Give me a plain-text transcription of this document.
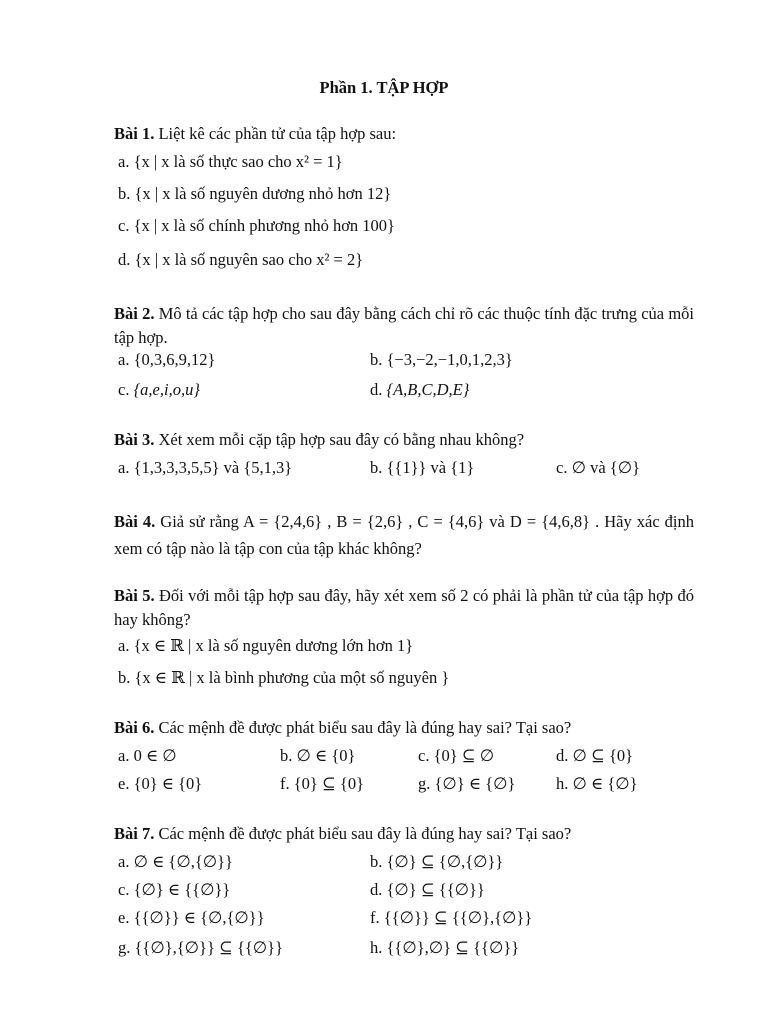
Phần 1. TẬP HỢP
Bài 1. Liệt kê các phần tử của tập hợp sau:
a. {x | x là số thực sao cho x² = 1}
b. {x | x là số nguyên dương nhỏ hơn 12}
c. {x | x là số chính phương nhỏ hơn 100}
d. {x | x là số nguyên sao cho x² = 2}
Bài 2. Mô tả các tập hợp cho sau đây bằng cách chỉ rõ các thuộc tính đặc trưng của mỗi tập hợp.
a. {0,3,6,9,12}	b. {−3,−2,−1,0,1,2,3}
c. {a,e,i,o,u}	d. {A,B,C,D,E}
Bài 3. Xét xem mỗi cặp tập hợp sau đây có bằng nhau không?
a. {1,3,3,3,5,5} và {5,1,3}	b. {{1}} và {1}	c. ∅ và {∅}
Bài 4. Giả sử rằng A = {2,4,6} , B = {2,6} , C = {4,6} và D = {4,6,8} . Hãy xác định xem có tập nào là tập con của tập khác không?
Bài 5. Đối với mỗi tập hợp sau đây, hãy xét xem số 2 có phải là phần tử của tập hợp đó hay không?
a. {x ∈ ℝ | x là số nguyên dương lớn hơn 1}
b. {x ∈ ℝ | x là bình phương của một số nguyên }
Bài 6. Các mệnh đề được phát biểu sau đây là đúng hay sai? Tại sao?
a. 0 ∈ ∅	b. ∅ ∈ {0}	c. {0} ⊆ ∅	d. ∅ ⊆ {0}
e. {0} ∈ {0}	f. {0} ⊆ {0}	g. {∅} ∈ {∅} h. ∅ ∈ {∅}
Bài 7. Các mệnh đề được phát biểu sau đây là đúng hay sai? Tại sao?
a. ∅ ∈ {∅,{∅}}	b. {∅} ⊆ {∅,{∅}}
c. {∅} ∈ {{∅}}	d. {∅} ⊆ {{∅}}
e. {{∅}} ∈ {∅,{∅}}	f. {{∅}} ⊆ {{∅},{∅}}
g. {{∅},{∅}} ⊆ {{∅}}	h. {{∅},∅} ⊆ {{∅}}
